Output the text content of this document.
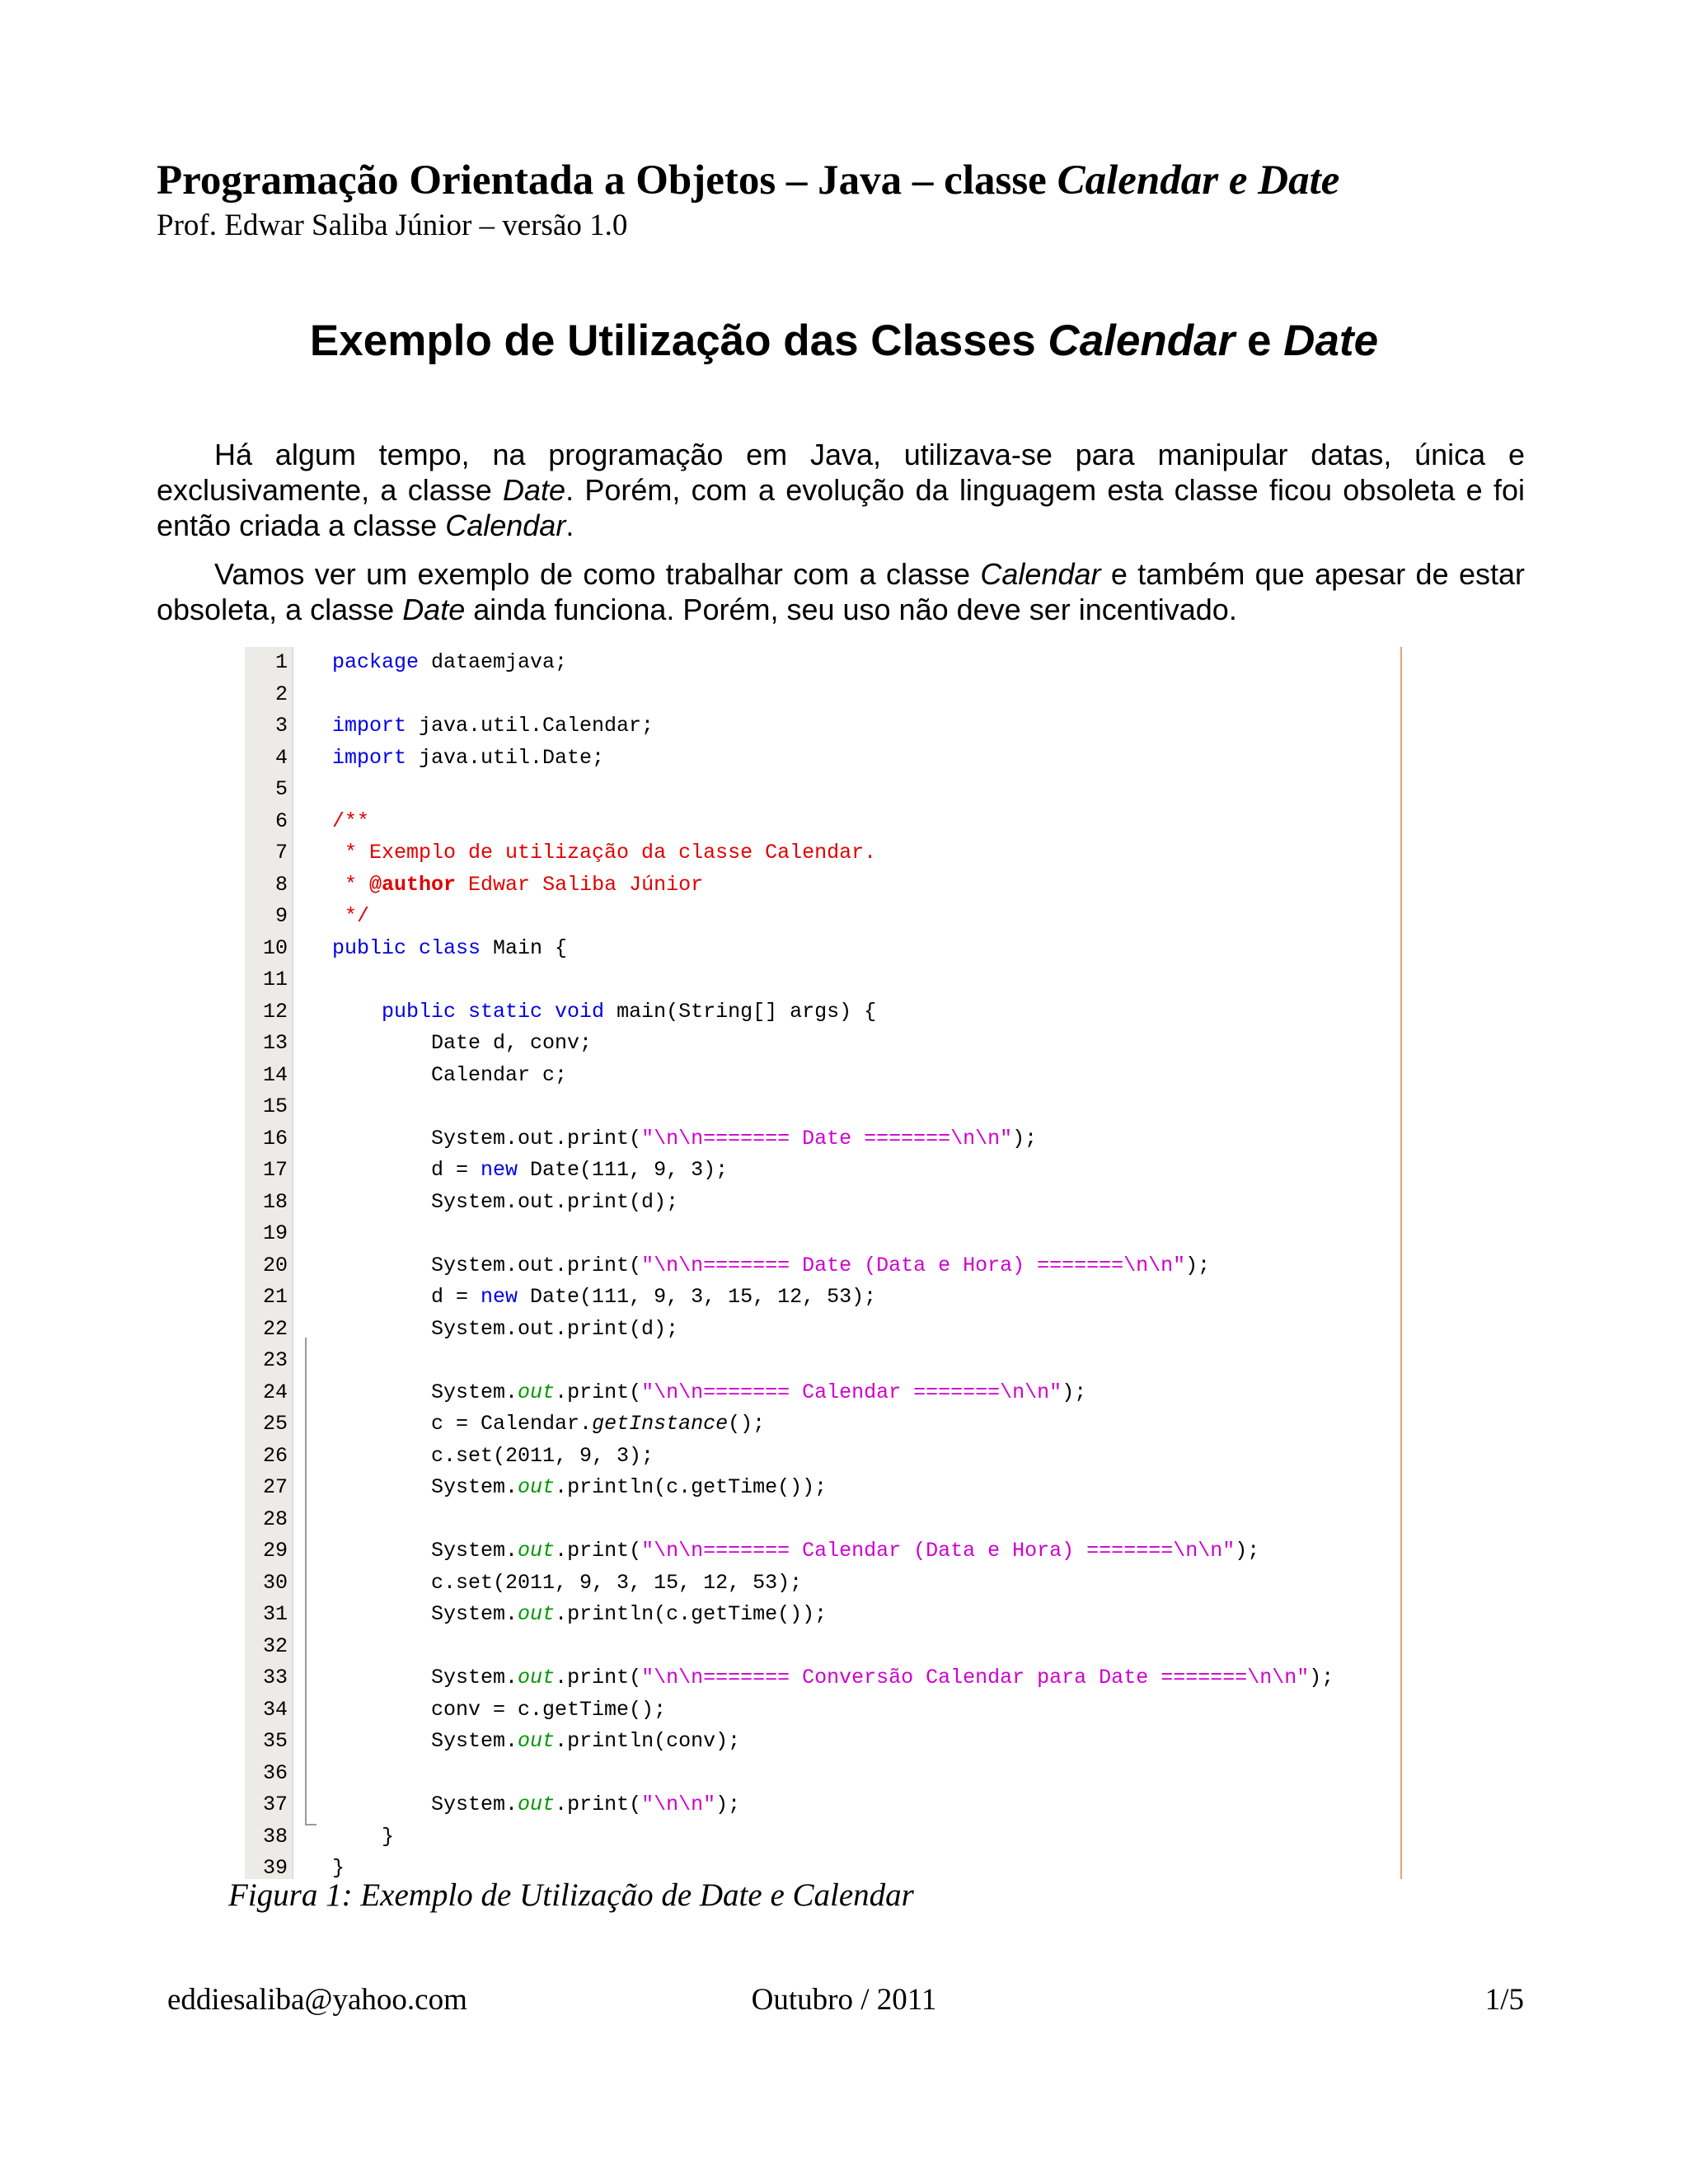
Programação Orientada a Objetos – Java – classe Calendar e Date
Prof. Edwar Saliba Júnior – versão 1.0
Exemplo de Utilização das Classes Calendar e Date
Há algum tempo, na programação em Java, utilizava-se para manipular datas, única e exclusivamente, a classe Date. Porém, com a evolução da linguagem esta classe ficou obsoleta e foi então criada a classe Calendar.
Vamos ver um exemplo de como trabalhar com a classe Calendar e também que apesar de estar obsoleta, a classe Date ainda funciona. Porém, seu uso não deve ser incentivado.
1 package dataemjava;
2
3 import java.util.Calendar;
4 import java.util.Date;
5
6 /**
7 * Exemplo de utilização da classe Calendar.
8 * @author Edwar Saliba Júnior
9 */
10 public class Main {
11
12	public static void main(String[] args) {
13 Date d, conv;
14 Calendar c;
15
16 System.out.print("\n\n======= Date =======\n\n");
17 d = new Date(111, 9, 3);
18 System.out.print(d);
19
20 System.out.print("\n\n======= Date (Data e Hora) =======\n\n");
21 d = new Date(111, 9, 3, 15, 12, 53);
22 System.out.print(d);
23
24 System.out.print("\n\n======= Calendar =======\n\n");
25 c = Calendar.getInstance();
26 c.set(2011, 9, 3);
27 System.out.println(c.getTime());
28
29 System.out.print("\n\n======= Calendar (Data e Hora) =======\n\n");
30 c.set(2011, 9, 3, 15, 12, 53);
31 System.out.println(c.getTime());
32
33 System.out.print("\n\n======= Conversão Calendar para Date =======\n\n");
34 conv = c.getTime();
35 System.out.println(conv);
36
37 System.out.print("\n\n");
38 }
39 }
Figura 1: Exemplo de Utilização de Date e Calendar
eddiesaliba@yahoo.com	Outubro / 2011	1/5
